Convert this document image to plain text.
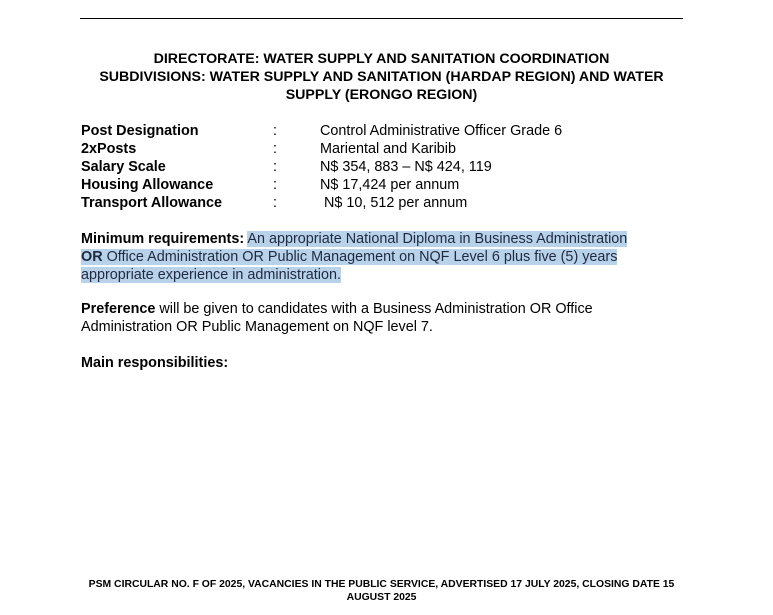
DIRECTORATE: WATER SUPPLY AND SANITATION COORDINATION
SUBDIVISIONS: WATER SUPPLY AND SANITATION (HARDAP REGION) AND WATER
SUPPLY (ERONGO REGION)
Post Designation	:	Control Administrative Officer Grade 6
2xPosts	:	Mariental and Karibib
Salary Scale	:	N$ 354, 883 – N$ 424, 119
Housing Allowance	:	N$ 17,424 per annum
Transport Allowance	:	N$ 10, 512 per annum
Minimum requirements: An appropriate National Diploma in Business Administration
OR Office Administration OR Public Management on NQF Level 6 plus five (5) years
appropriate experience in administration.
Preference will be given to candidates with a Business Administration OR Office Administration OR Public Management on NQF level 7.
Main responsibilities:
PSM CIRCULAR NO. F OF 2025, VACANCIES IN THE PUBLIC SERVICE, ADVERTISED 17 JULY 2025, CLOSING DATE 15
AUGUST 2025
